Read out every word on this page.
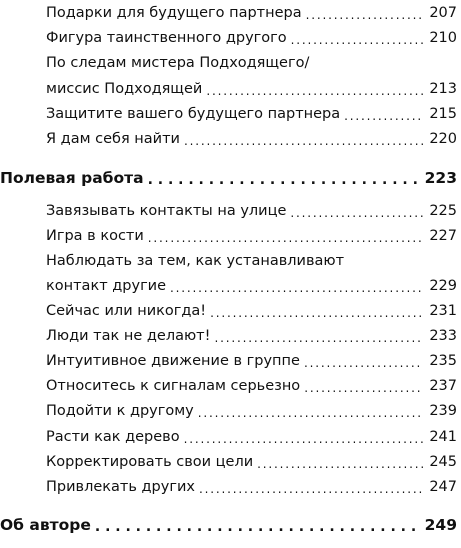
Подарки для будущего партнера . . .	207
Фигура таинственного другого . . .	210
По следам мистера Подходящего/
миссис Подходящей . . .	213
Защитите вашего будущего партнера . . .	215
Я дам себя найти . . .	220
Полевая работа . . .	223
Завязывать контакты на улице . . .	225
Игра в кости . . .	227
Наблюдать за тем, как устанавливают
контакт другие . . .	229
Сейчас или никогда! . . .	231
Люди так не делают! . . .	233
Интуитивное движение в группе . . .	235
Относитесь к сигналам серьезно . . .	237
Подойти к другому . . .	239
Расти как дерево . . .	241
Корректировать свои цели . . .	245
Привлекать других . . .	247
Об авторе . . .	249
